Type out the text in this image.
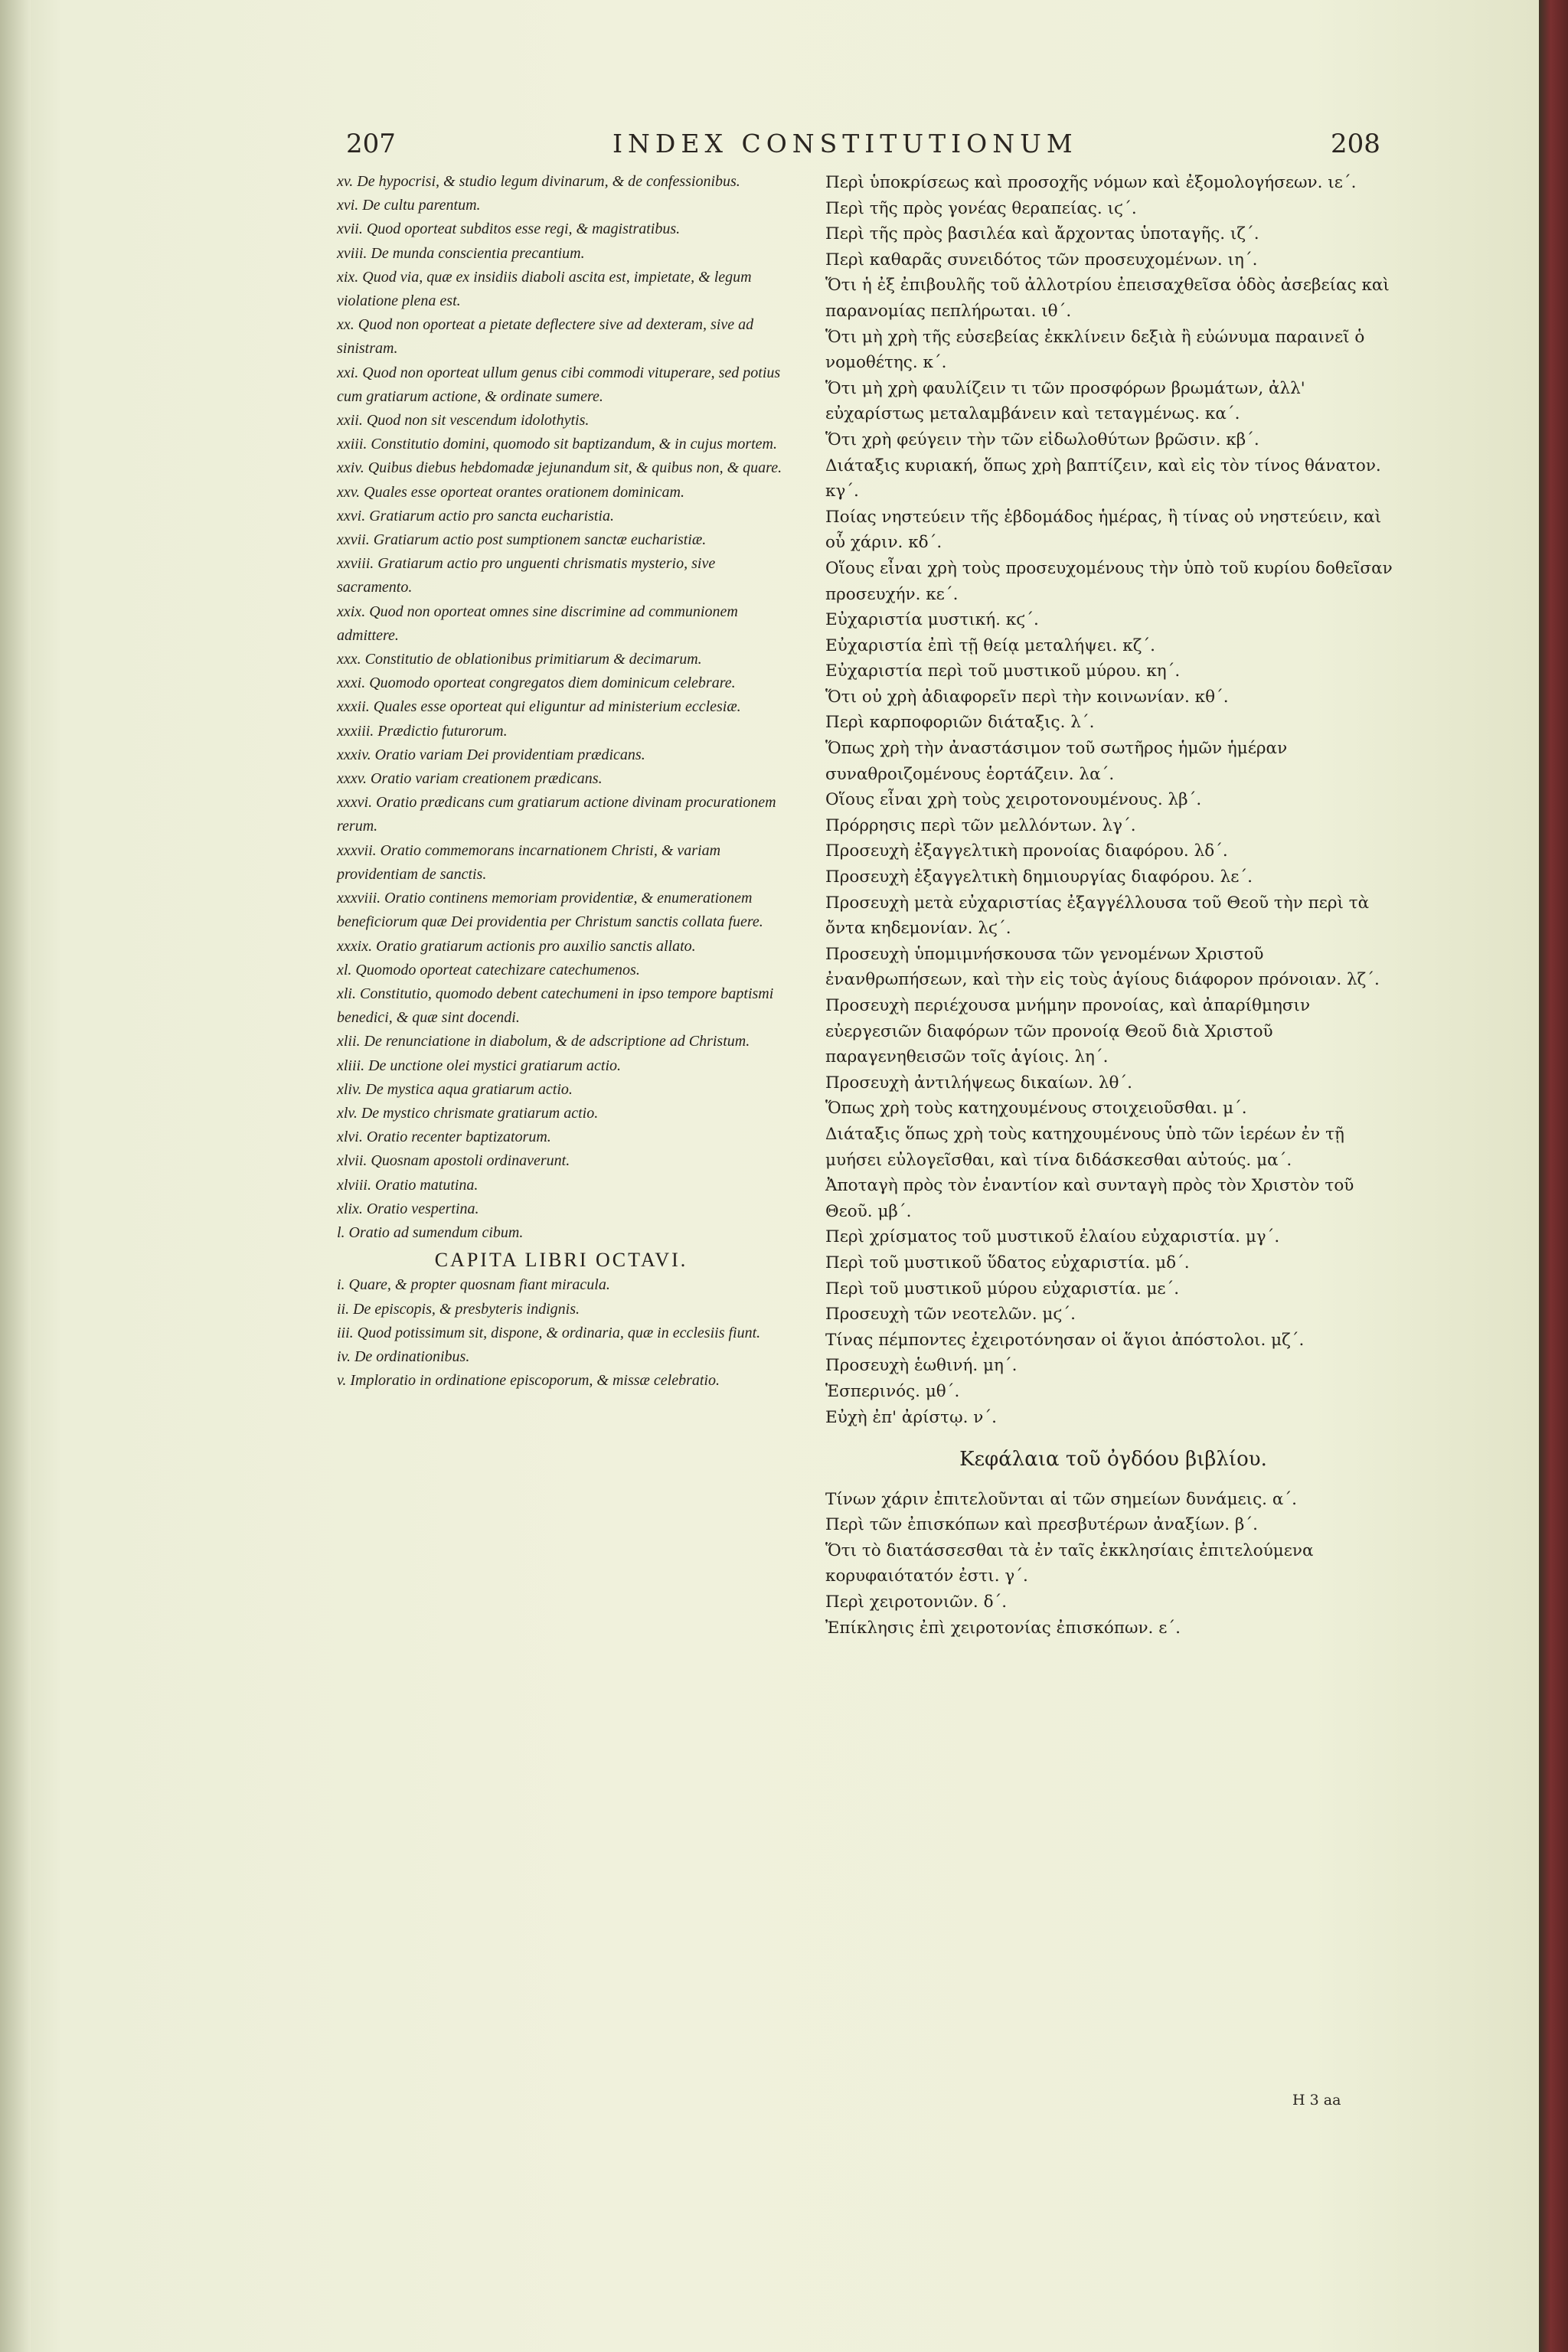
207	INDEX CONSTITUTIONUM	208
xv. De hypocrisi, & studio legum divinarum, & de confessionibus.
xvi. De cultu parentum.
xvii. Quod oporteat subditos esse regi, & magistratibus.
xviii. De munda conscientia precantium.
xix. Quod via, quæ ex insidiis diaboli ascita est, impietate, & legum violatione plena est.
xx. Quod non oporteat a pietate deflectere sive ad dexteram, sive ad sinistram.
xxi. Quod non oporteat ullum genus cibi commodi vituperare, sed potius cum gratiarum actione, & ordinate sumere.
xxii. Quod non sit vescendum idolothytis.
xxiii. Constitutio domini, quomodo sit baptizandum, & in cujus mortem.
xxiv. Quibus diebus hebdomadæ jejunandum sit, & quibus non, & quare.
xxv. Quales esse oporteat orantes orationem dominicam.
xxvi. Gratiarum actio pro sancta eucharistia.
xxvii. Gratiarum actio post sumptionem sanctæ eucharistiæ.
xxviii. Gratiarum actio pro unguenti chrismatis mysterio, sive sacramento.
xxix. Quod non oporteat omnes sine discrimine ad communionem admittere.
xxx. Constitutio de oblationibus primitiarum & decimarum.
xxxi. Quomodo oporteat congregatos diem dominicum celebrare.
xxxii. Quales esse oporteat qui eliguntur ad ministerium ecclesiæ.
xxxiii. Prædictio futurorum.
xxxiv. Oratio variam Dei providentiam prædicans.
xxxv. Oratio variam creationem prædicans.
xxxvi. Oratio prædicans cum gratiarum actione divinam procurationem rerum.
xxxvii. Oratio commemorans incarnationem Christi, & variam providentiam de sanctis.
xxxviii. Oratio continens memoriam providentiæ, & enumerationem beneficiorum quæ Dei providentia per Christum sanctis collata fuere.
xxxix. Oratio gratiarum actionis pro auxilio sanctis allato.
xl. Quomodo oporteat catechizare catechumenos.
xli. Constitutio, quomodo debent catechumeni in ipso tempore baptismi benedici, & quæ sint docendi.
xlii. De renunciatione in diabolum, & de adscriptione ad Christum.
xliii. De unctione olei mystici gratiarum actio.
xliv. De mystica aqua gratiarum actio.
xlv. De mystico chrismate gratiarum actio.
xlvi. Oratio recenter baptizatorum.
xlvii. Quosnam apostoli ordinaverunt.
xlviii. Oratio matutina.
xlix. Oratio vespertina.
l. Oratio ad sumendum cibum.
CAPITA LIBRI OCTAVI.
i. Quare, & propter quosnam fiant miracula.
ii. De episcopis, & presbyteris indignis.
iii. Quod potissimum sit, dispone, & ordinaria, quæ in ecclesiis fiunt.
iv. De ordinationibus.
v. Imploratio in ordinatione episcoporum, & missæ celebratio.
Περὶ ὑποκρίσεως καὶ προσοχῆς νόμων καὶ ἐξομολογήσεων. ιε΄.
Περὶ τῆς πρὸς γονέας θεραπείας. ιϛ΄.
Περὶ τῆς πρὸς βασιλέα καὶ ἄρχοντας ὑποταγῆς. ιζ΄.
Περὶ καθαρᾶς συνειδότος τῶν προσευχομένων. ιη΄.
Ὅτι ἡ ἐξ ἐπιβουλῆς τοῦ ἀλλοτρίου ἐπεισαχθεῖσα ὁδὸς ἀσεβείας καὶ παρανομίας πεπλήρωται. ιθ΄.
Ὅτι μὴ χρὴ τῆς εὐσεβείας ἐκκλίνειν δεξιὰ ἢ εὐώνυμα παραινεῖ ὁ νομοθέτης. κ΄.
Ὅτι μὴ χρὴ φαυλίζειν τι τῶν προσφόρων βρωμάτων, ἀλλ' εὐχαρίστως μεταλαμβάνειν καὶ τεταγμένως. κα΄.
Ὅτι χρὴ φεύγειν τὴν τῶν εἰδωλοθύτων βρῶσιν. κβ΄.
Διάταξις κυριακή, ὅπως χρὴ βαπτίζειν, καὶ εἰς τὸν τίνος θάνατον. κγ΄.
Ποίας νηστεύειν τῆς ἑβδομάδος ἡμέρας, ἢ τίνας οὐ νηστεύειν, καὶ οὗ χάριν. κδ΄.
Οἵους εἶναι χρὴ τοὺς προσευχομένους τὴν ὑπὸ τοῦ κυρίου δοθεῖσαν προσευχήν. κε΄.
Εὐχαριστία μυστική. κϛ΄.
Εὐχαριστία ἐπὶ τῇ θείᾳ μεταλήψει. κζ΄.
Εὐχαριστία περὶ τοῦ μυστικοῦ μύρου. κη΄.
Ὅτι οὐ χρὴ ἀδιαφορεῖν περὶ τὴν κοινωνίαν. κθ΄.
Περὶ καρποφοριῶν διάταξις. λ΄.
Ὅπως χρὴ τὴν ἀναστάσιμον τοῦ σωτῆρος ἡμῶν ἡμέραν συναθροιζομένους ἑορτάζειν. λα΄.
Οἵους εἶναι χρὴ τοὺς χειροτονουμένους. λβ΄.
Πρόρρησις περὶ τῶν μελλόντων. λγ΄.
Προσευχὴ ἐξαγγελτικὴ προνοίας διαφόρου. λδ΄.
Προσευχὴ ἐξαγγελτικὴ δημιουργίας διαφόρου. λε΄.
Προσευχὴ μετὰ εὐχαριστίας ἐξαγγέλλουσα τοῦ Θεοῦ τὴν περὶ τὰ ὄντα κηδεμονίαν. λϛ΄.
Προσευχὴ ὑπομιμνήσκουσα τῶν γενομένων Χριστοῦ ἐνανθρωπήσεων, καὶ τὴν εἰς τοὺς ἁγίους διάφορον πρόνοιαν. λζ΄.
Προσευχὴ περιέχουσα μνήμην προνοίας, καὶ ἀπαρίθμησιν εὐεργεσιῶν διαφόρων τῶν προνοίᾳ Θεοῦ διὰ Χριστοῦ παραγενηθεισῶν τοῖς ἁγίοις. λη΄.
Προσευχὴ ἀντιλήψεως δικαίων. λθ΄.
Ὅπως χρὴ τοὺς κατηχουμένους στοιχειοῦσθαι. μ΄.
Διάταξις ὅπως χρὴ τοὺς κατηχουμένους ὑπὸ τῶν ἱερέων ἐν τῇ μυήσει εὐλογεῖσθαι, καὶ τίνα διδάσκεσθαι αὐτούς. μα΄.
Ἀποταγὴ πρὸς τὸν ἐναντίον καὶ συνταγὴ πρὸς τὸν Χριστὸν τοῦ Θεοῦ. μβ΄.
Περὶ χρίσματος τοῦ μυστικοῦ ἐλαίου εὐχαριστία. μγ΄.
Περὶ τοῦ μυστικοῦ ὕδατος εὐχαριστία. μδ΄.
Περὶ τοῦ μυστικοῦ μύρου εὐχαριστία. με΄.
Προσευχὴ τῶν νεοτελῶν. μϛ΄.
Τίνας πέμποντες ἐχειροτόνησαν οἱ ἅγιοι ἀπόστολοι. μζ΄.
Προσευχὴ ἑωθινή. μη΄.
Ἑσπερινός. μθ΄.
Εὐχὴ ἐπ' ἀρίστῳ. ν΄.
Κεφάλαια τοῦ ὀγδόου βιβλίου.
Τίνων χάριν ἐπιτελοῦνται αἱ τῶν σημείων δυνάμεις. α΄.
Περὶ τῶν ἐπισκόπων καὶ πρεσβυτέρων ἀναξίων. β΄.
Ὅτι τὸ διατάσσεσθαι τὰ ἐν ταῖς ἐκκλησίαις ἐπιτελούμενα κορυφαιότατόν ἐστι. γ΄.
Περὶ χειροτονιῶν. δ΄.
Ἐπίκλησις ἐπὶ χειροτονίας ἐπισκόπων. ε΄.
H 3 aa
